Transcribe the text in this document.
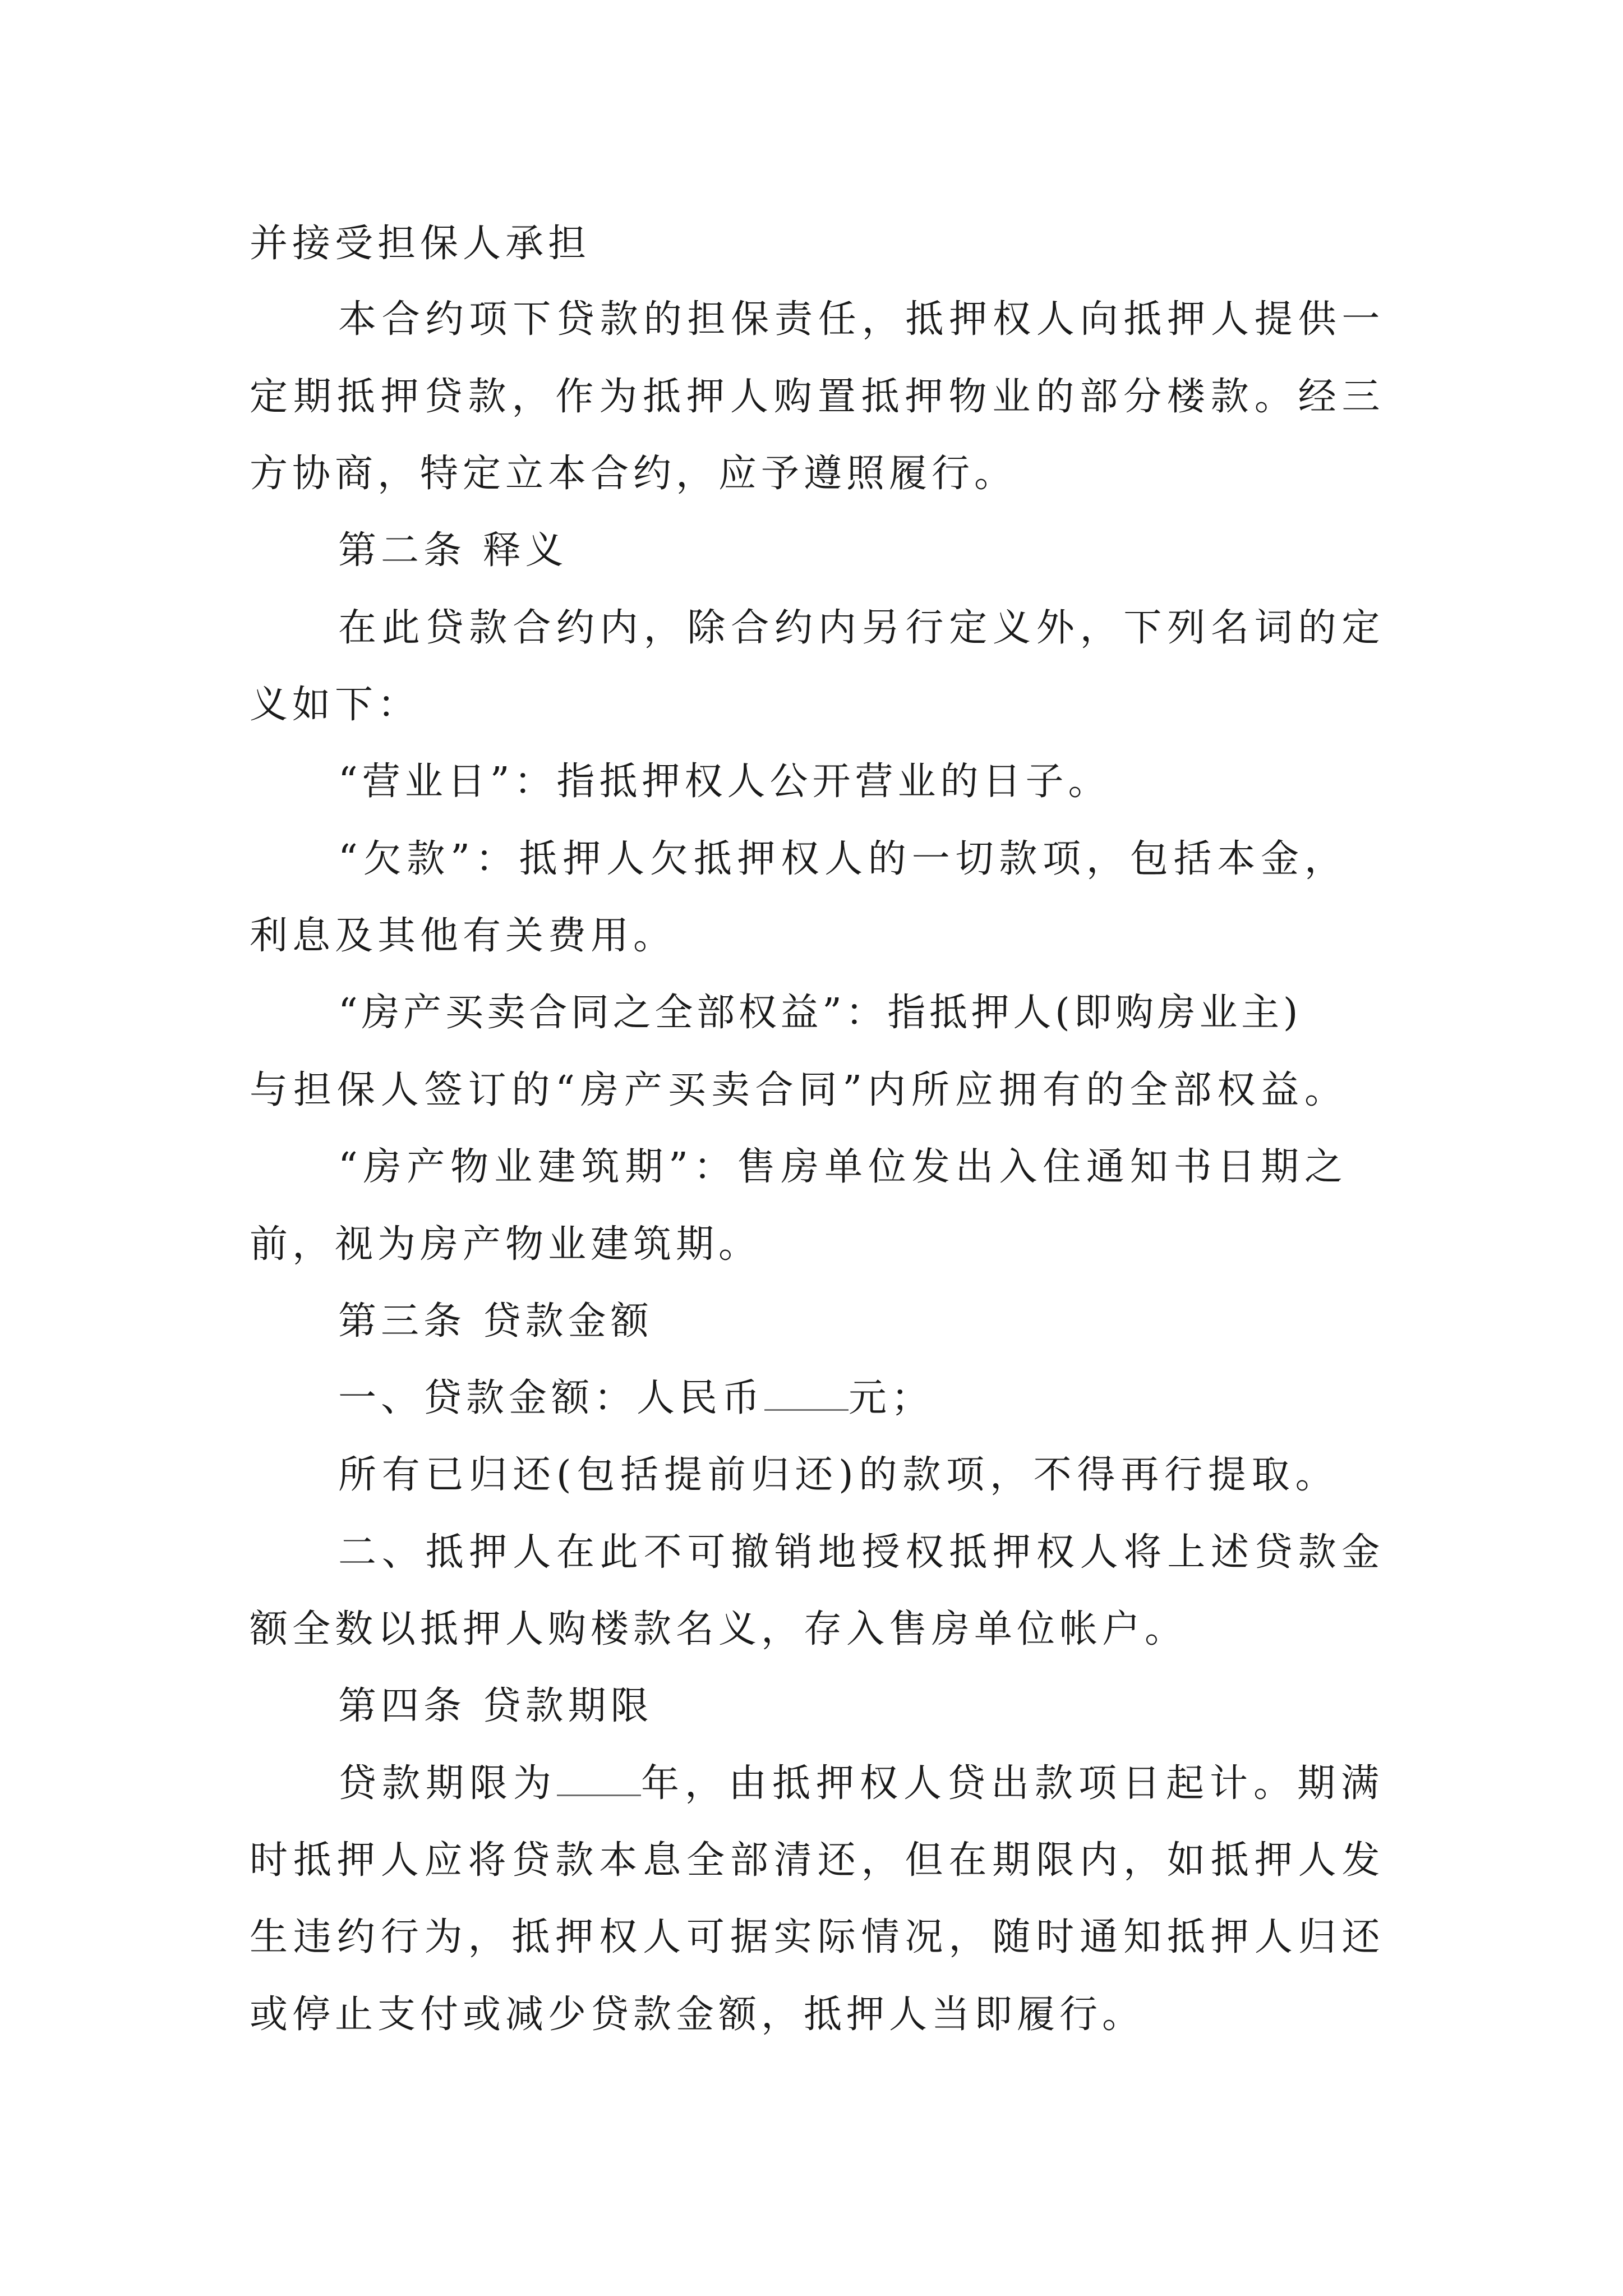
并接受担保人承担

本合约项下贷款的担保责任，抵押权人向抵押人提供一

定期抵押贷款，作为抵押人购置抵押物业的部分楼款。经三

方协商，特定立本合约，应予遵照履行。

第二条 释义

在此贷款合约内，除合约内另行定义外，下列名词的定

义如下：

“营业日”：指抵押权人公开营业的日子。

“欠款”：抵押人欠抵押权人的一切款项，包括本金，

利息及其他有关费用。

“房产买卖合同之全部权益”：指抵押人(即购房业主)

与担保人签订的“房产买卖合同”内所应拥有的全部权益。

“房产物业建筑期”：售房单位发出入住通知书日期之

前，视为房产物业建筑期。

第三条 贷款金额

一、贷款金额：人民币 元；

所有已归还(包括提前归还)的款项，不得再行提取。

二、抵押人在此不可撤销地授权抵押权人将上述贷款金

额全数以抵押人购楼款名义，存入售房单位帐户。

第四条 贷款期限

贷款期限为 年，由抵押权人贷出款项日起计。期满

时抵押人应将贷款本息全部清还，但在期限内，如抵押人发

生违约行为，抵押权人可据实际情况，随时通知抵押人归还

或停止支付或减少贷款金额，抵押人当即履行。
